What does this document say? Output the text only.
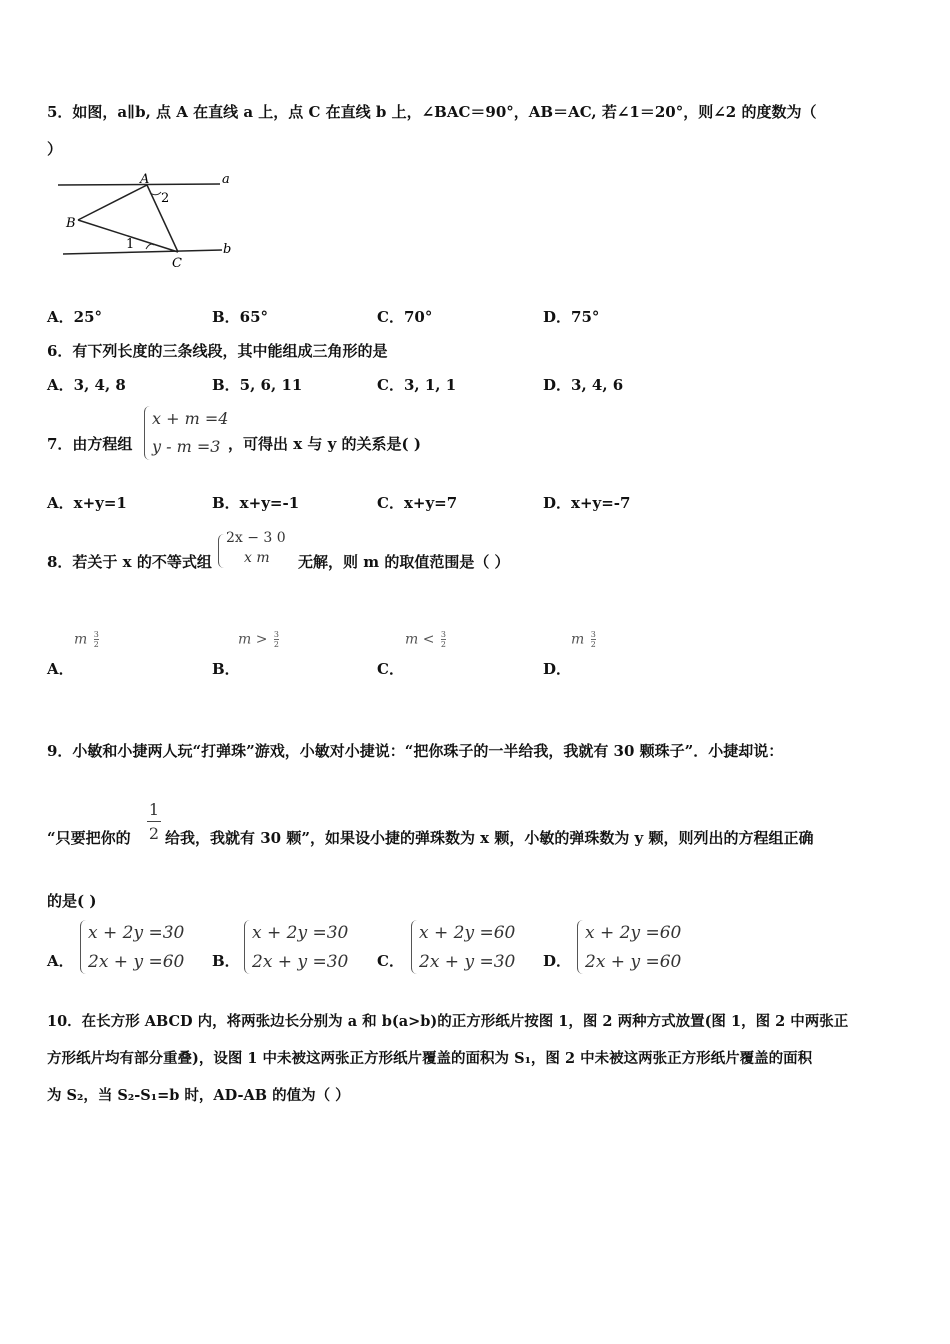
5．如图，a∥b, 点 A 在直线 a 上，点 C 在直线 b 上，∠BAC＝90°，AB＝AC, 若∠1＝20°，则∠2 的度数为（
）
A
B
C
a
b
1
2
A．25°	B．65°	C．70°	D．75°
6．有下列长度的三条线段，其中能组成三角形的是
A．3, 4, 8	B．5, 6, 11	C．3, 1, 1	D．3, 4, 6
7．由方程组
x + m =4
y - m =3 ，可得出 x 与 y 的关系是( )
A．x+y=1	B．x+y=-1	C．x+y=7	D．x+y=-7
8．若关于 x 的不等式组
2x − 3 0
x m 无解，则 m 的取值范围是（ ）
m $\frac{3}{2}$	$m > \frac{3}{2}$	$m < \frac{3}{2}$	m $\frac{3}{2}$
A．	B．	C．	D．
9．小敏和小捷两人玩“打弹珠”游戏，小敏对小捷说：“把你珠子的一半给我，我就有 30 颗珠子”．小捷却说：
“只要把你的
1
2 给我，我就有 30 颗”，如果设小捷的弹珠数为 x 颗，小敏的弹珠数为 y 颗，则列出的方程组正确
的是( )
A．
x + 2y =30
2x + y =60 B．
x + 2y =30
2x + y =30 C．
x + 2y =60
2x + y =30 D．
x + 2y =60
2x + y =60
10．在长方形 ABCD 内，将两张边长分别为 a 和 b(a>b)的正方形纸片按图 1，图 2 两种方式放置(图 1，图 2 中两张正
方形纸片均有部分重叠)，设图 1 中未被这两张正方形纸片覆盖的面积为 S₁，图 2 中未被这两张正方形纸片覆盖的面积
为 S₂，当 S₂-S₁=b 时，AD-AB 的值为（ ）
